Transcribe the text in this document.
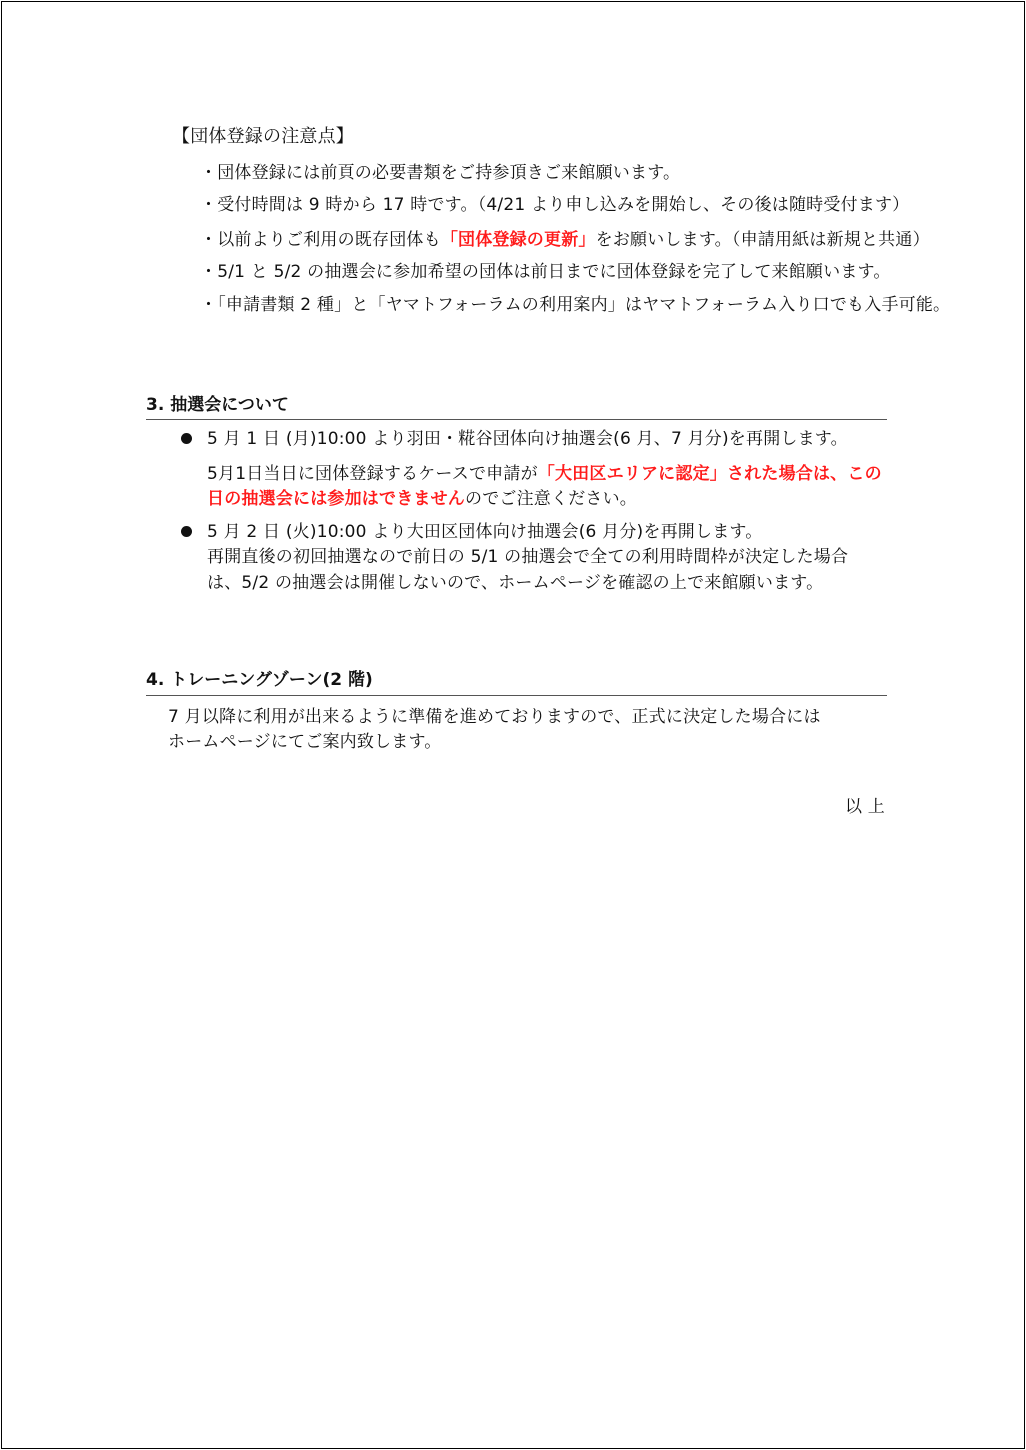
【団体登録の注意点】
・団体登録には前頁の必要書類をご持参頂きご来館願います。
・受付時間は 9 時から 17 時です。（4/21 より申し込みを開始し、その後は随時受付ます）
・以前よりご利用の既存団体も「団体登録の更新」をお願いします。（申請用紙は新規と共通）
・5/1 と 5/2 の抽選会に参加希望の団体は前日までに団体登録を完了して来館願います。
・「申請書類 2 種」と「ヤマトフォーラムの利用案内」はヤマトフォーラム入り口でも入手可能。
3. 抽選会について
5 月 1 日 (月)10:00 より羽田・糀谷団体向け抽選会(6 月、7 月分)を再開します。
5月1日当日に団体登録するケースで申請が「大田区エリアに認定」された場合は、この
日の抽選会には参加はできませんのでご注意ください。
5 月 2 日 (火)10:00 より大田区団体向け抽選会(6 月分)を再開します。
再開直後の初回抽選なので前日の 5/1 の抽選会で全ての利用時間枠が決定した場合
は、5/2 の抽選会は開催しないので、ホームページを確認の上で来館願います。
4. トレーニングゾーン(2 階)
7 月以降に利用が出来るように準備を進めておりますので、正式に決定した場合には
ホームページにてご案内致します。
以 上
